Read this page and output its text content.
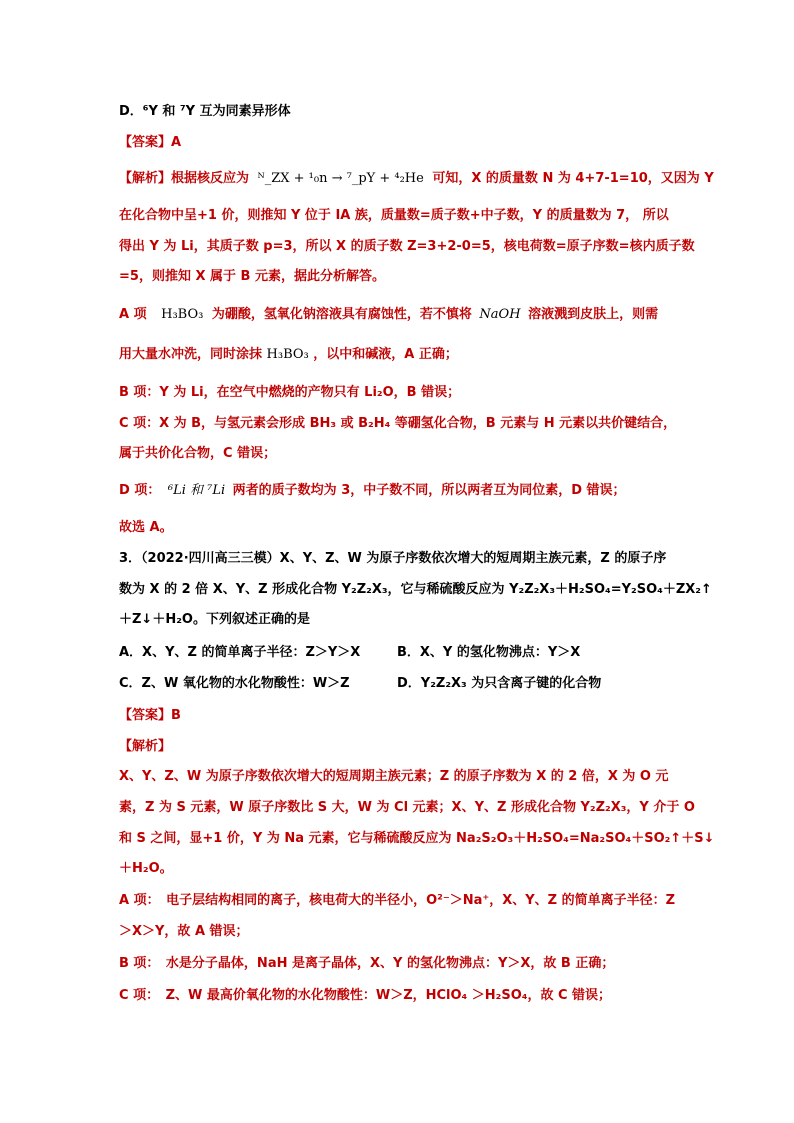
D．⁶Y 和 ⁷Y 互为同素异形体
【答案】A
【解析】根据核反应为 ᴺ_ZX + ¹₀n → ⁷_pY + ⁴₂He 可知，X 的质量数 N 为 4+7-1=10，又因为 Y
在化合物中呈+1 价，则推知 Y 位于 IA 族，质量数=质子数+中子数，Y 的质量数为 7， 所以
得出 Y 为 Li，其质子数 p=3，所以 X 的质子数 Z=3+2-0=5，核电荷数=原子序数=核内质子数
=5，则推知 X 属于 B 元素，据此分析解答。
A 项 H₃BO₃ 为硼酸，氢氧化钠溶液具有腐蚀性，若不慎将 NaOH 溶液溅到皮肤上，则需
用大量水冲洗，同时涂抹 H₃BO₃ ，以中和碱液，A 正确；
B 项：Y 为 Li，在空气中燃烧的产物只有 Li₂O，B 错误；
C 项：X 为 B，与氢元素会形成 BH₃ 或 B₂H₄ 等硼氢化合物，B 元素与 H 元素以共价键结合，
属于共价化合物，C 错误；
D 项： ⁶Li 和 ⁷Li 两者的质子数均为 3，中子数不同，所以两者互为同位素，D 错误；
故选 A。
3．（2022·四川高三三模）X、Y、Z、W 为原子序数依次增大的短周期主族元素，Z 的原子序
数为 X 的 2 倍 X、Y、Z 形成化合物 Y₂Z₂X₃，它与稀硫酸反应为 Y₂Z₂X₃＋H₂SO₄=Y₂SO₄＋ZX₂↑
＋Z↓＋H₂O。下列叙述正确的是
A．X、Y、Z 的简单离子半径：Z＞Y＞X	B．X、Y 的氢化物沸点：Y＞X
C．Z、W 氧化物的水化物酸性：W＞Z	D．Y₂Z₂X₃ 为只含离子键的化合物
【答案】B
【解析】
X、Y、Z、W 为原子序数依次增大的短周期主族元素；Z 的原子序数为 X 的 2 倍，X 为 O 元
素，Z 为 S 元素，W 原子序数比 S 大，W 为 Cl 元素；X、Y、Z 形成化合物 Y₂Z₂X₃，Y 介于 O
和 S 之间，显+1 价，Y 为 Na 元素，它与稀硫酸反应为 Na₂S₂O₃＋H₂SO₄=Na₂SO₄＋SO₂↑＋S↓
＋H₂O。
A 项：　电子层结构相同的离子，核电荷大的半径小，O²⁻＞Na⁺，X、Y、Z 的简单离子半径：Z
＞X＞Y，故 A 错误；
B 项：　水是分子晶体，NaH 是离子晶体，X、Y 的氢化物沸点：Y＞X，故 B 正确；
C 项：　Z、W 最高价氧化物的水化物酸性：W＞Z，HClO₄ ＞H₂SO₄，故 C 错误；
